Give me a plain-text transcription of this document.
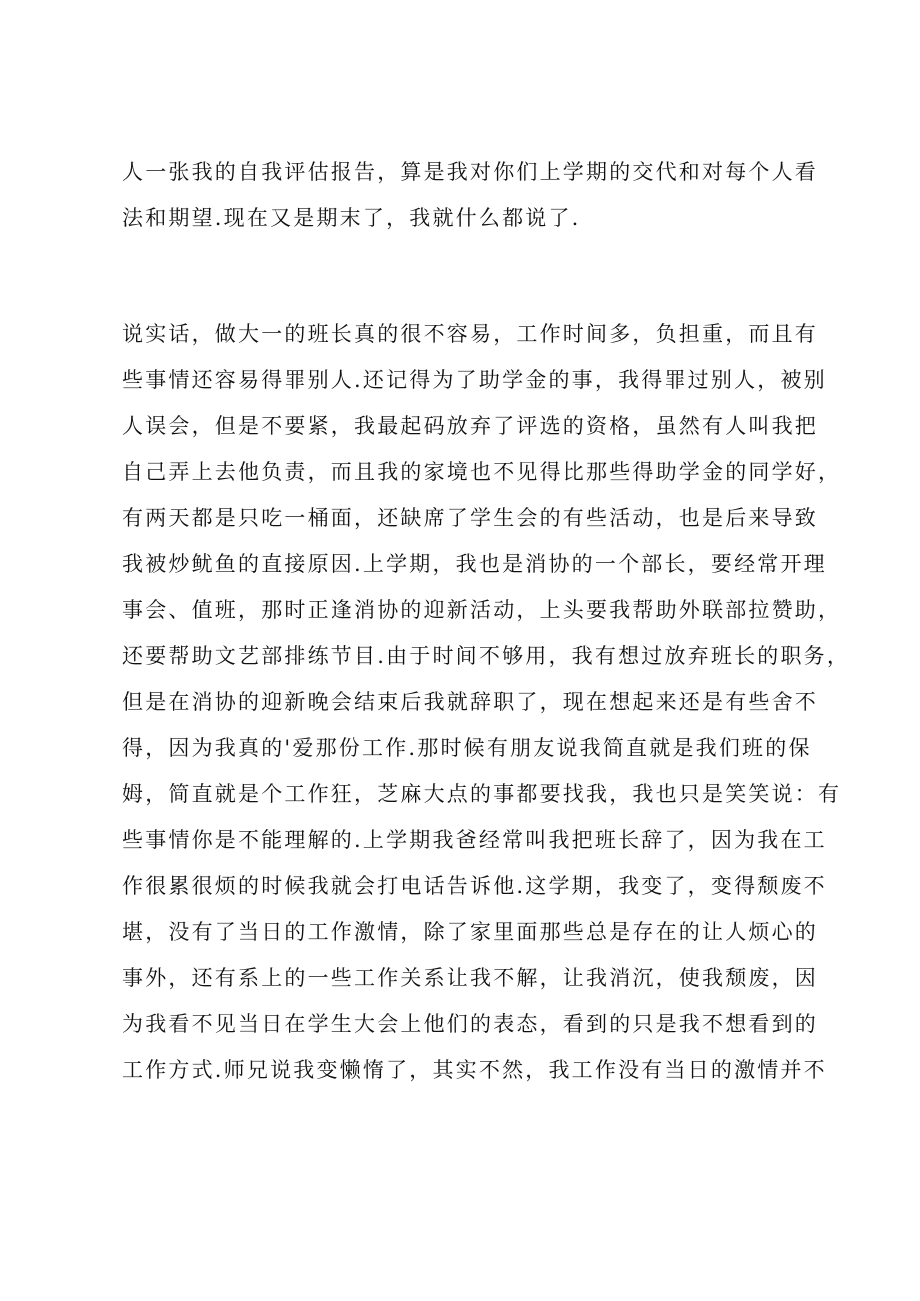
人一张我的自我评估报告，算是我对你们上学期的交代和对每个人看
法和期望.现在又是期末了，我就什么都说了.

说实话，做大一的班长真的很不容易，工作时间多，负担重，而且有
些事情还容易得罪别人.还记得为了助学金的事，我得罪过别人，被别
人误会，但是不要紧，我最起码放弃了评选的资格，虽然有人叫我把
自己弄上去他负责，而且我的家境也不见得比那些得助学金的同学好，
有两天都是只吃一桶面，还缺席了学生会的有些活动，也是后来导致
我被炒鱿鱼的直接原因.上学期，我也是消协的一个部长，要经常开理
事会、值班，那时正逢消协的迎新活动，上头要我帮助外联部拉赞助，
还要帮助文艺部排练节目.由于时间不够用，我有想过放弃班长的职务，
但是在消协的迎新晚会结束后我就辞职了，现在想起来还是有些舍不
得，因为我真的'爱那份工作.那时候有朋友说我简直就是我们班的保
姆，简直就是个工作狂，芝麻大点的事都要找我，我也只是笑笑说：有
些事情你是不能理解的.上学期我爸经常叫我把班长辞了，因为我在工
作很累很烦的时候我就会打电话告诉他.这学期，我变了，变得颓废不
堪，没有了当日的工作激情，除了家里面那些总是存在的让人烦心的
事外，还有系上的一些工作关系让我不解，让我消沉，使我颓废，因
为我看不见当日在学生大会上他们的表态，看到的只是我不想看到的
工作方式.师兄说我变懒惰了，其实不然，我工作没有当日的激情并不
